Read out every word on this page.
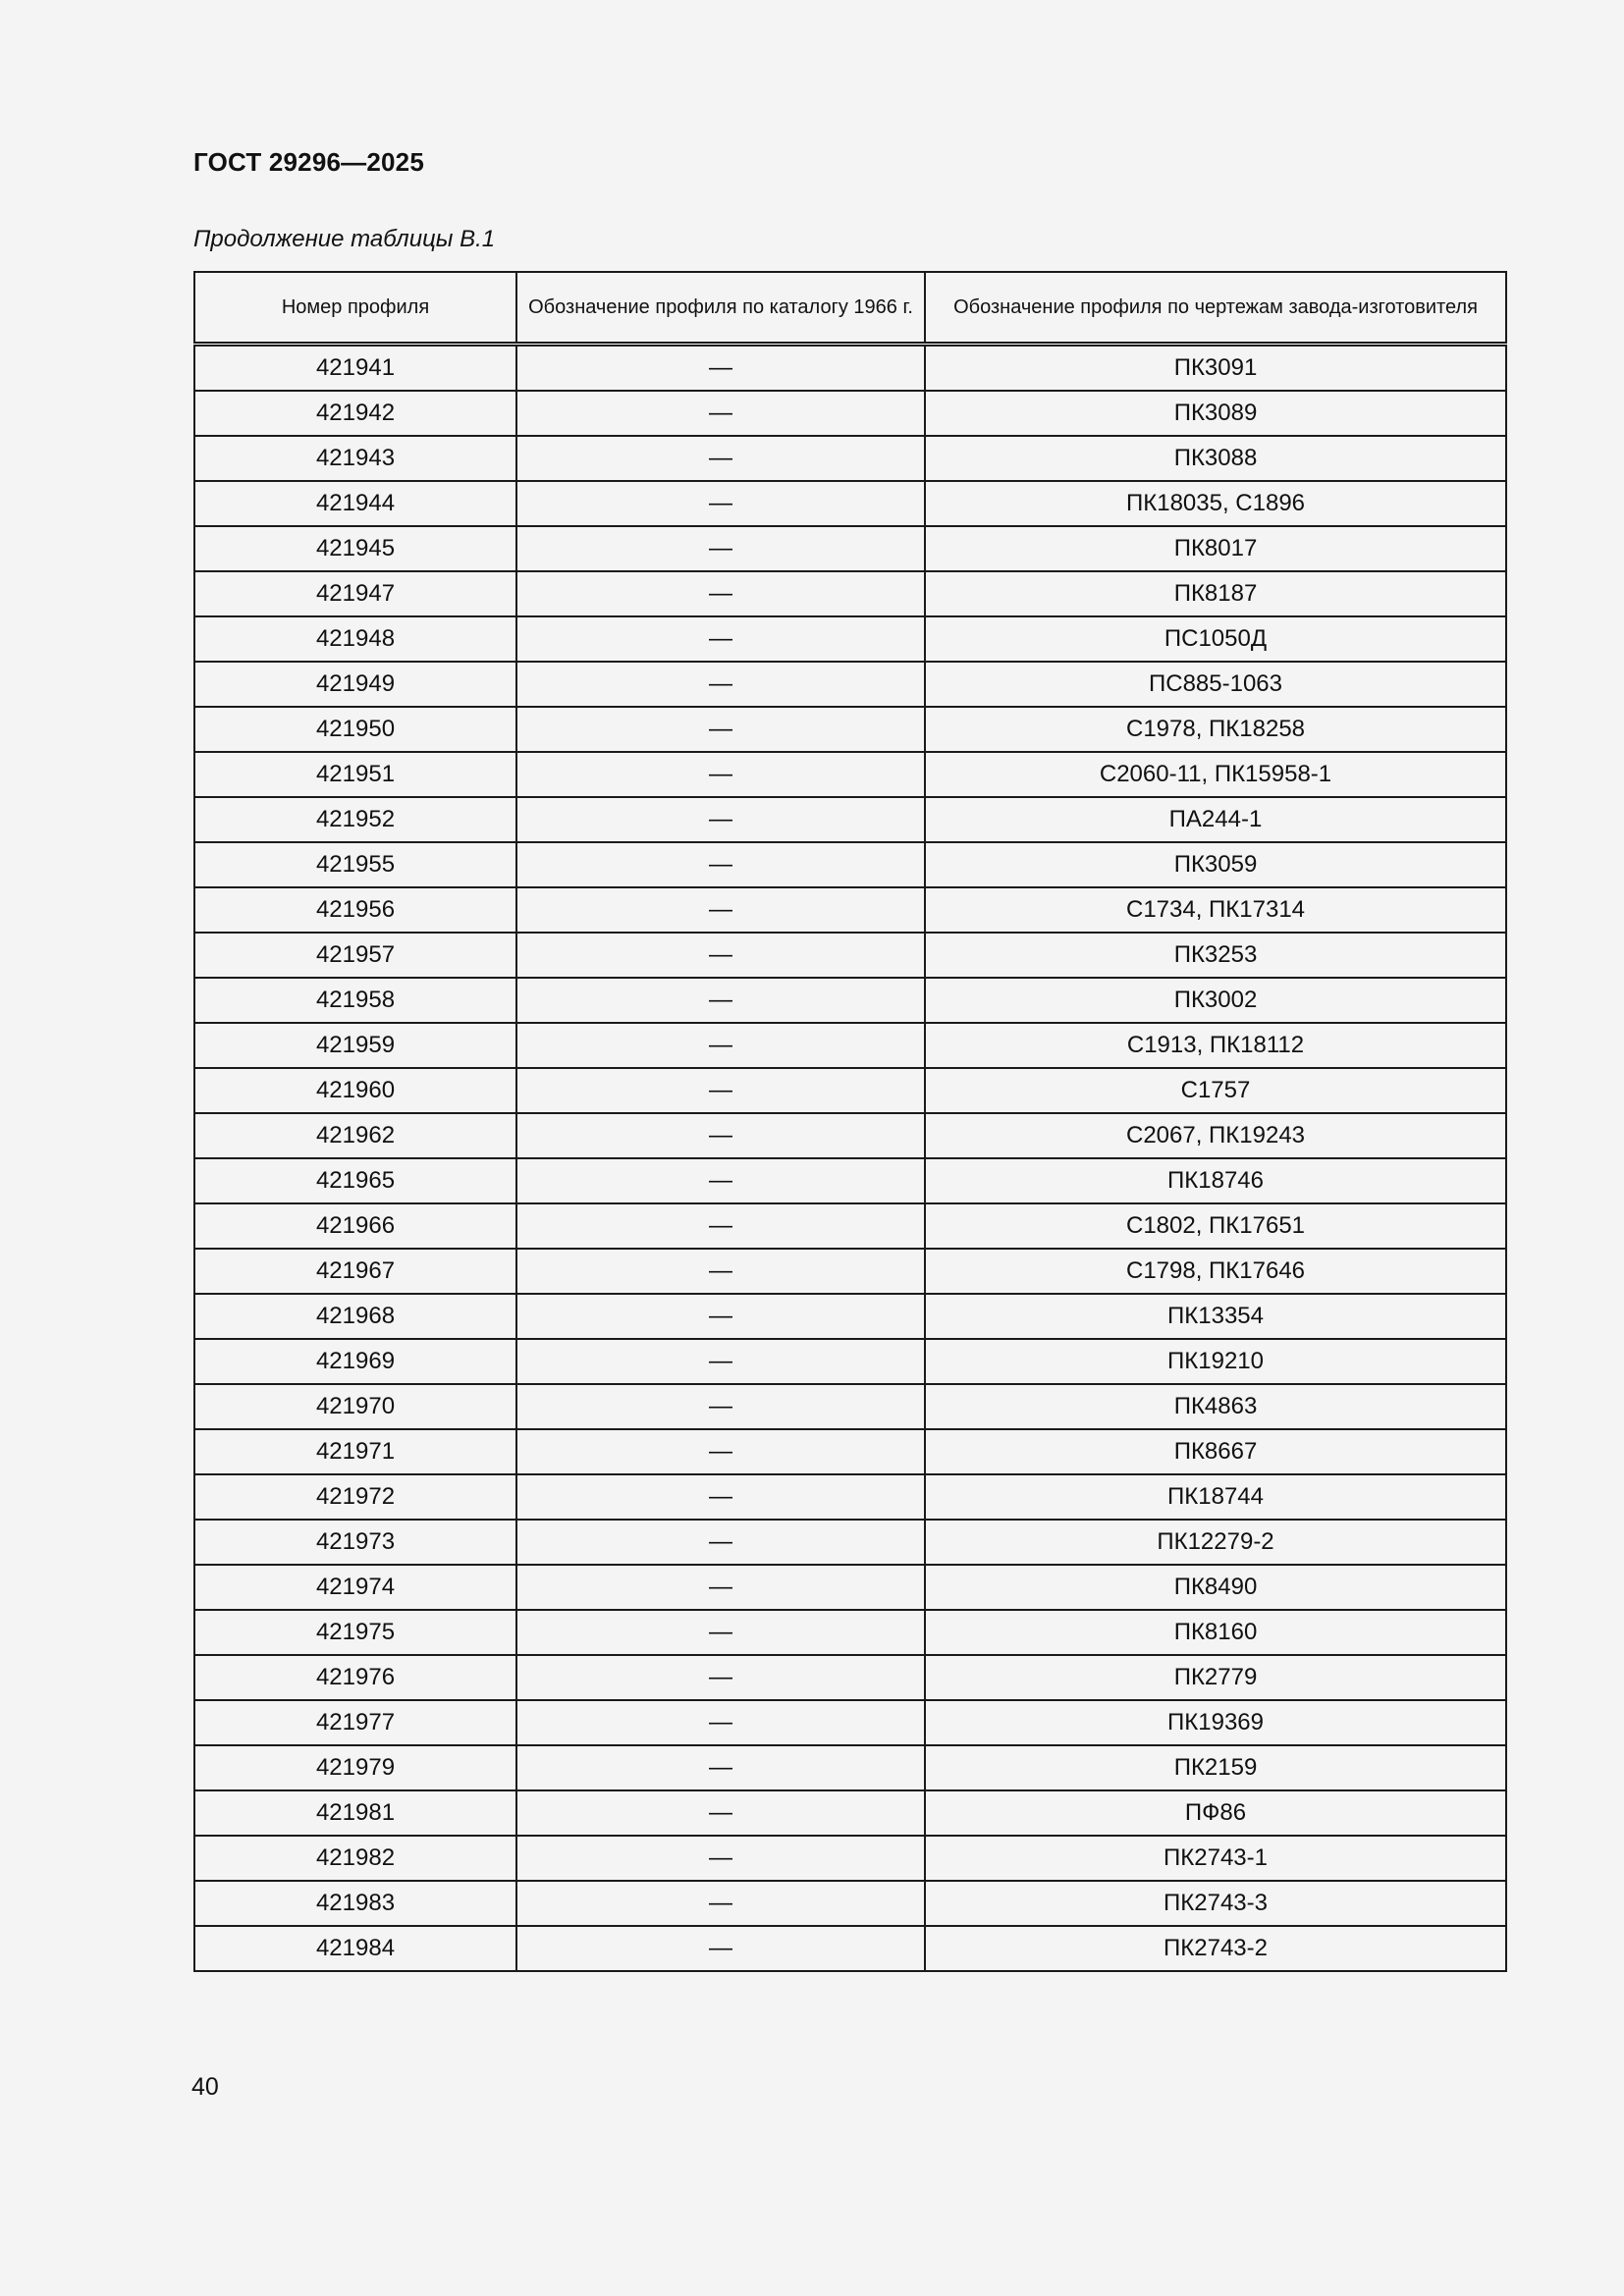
ГОСТ 29296—2025
Продолжение таблицы В.1
Номер профиля	Обозначение профиля по каталогу 1966 г.	Обозначение профиля по чертежам завода-изготовителя
421941	—	ПК3091
421942	—	ПК3089
421943	—	ПК3088
421944	—	ПК18035, С1896
421945	—	ПК8017
421947	—	ПК8187
421948	—	ПС1050Д
421949	—	ПС885-1063
421950	—	С1978, ПК18258
421951	—	С2060-11, ПК15958-1
421952	—	ПА244-1
421955	—	ПК3059
421956	—	С1734, ПК17314
421957	—	ПК3253
421958	—	ПК3002
421959	—	С1913, ПК18112
421960	—	С1757
421962	—	С2067, ПК19243
421965	—	ПК18746
421966	—	С1802, ПК17651
421967	—	С1798, ПК17646
421968	—	ПК13354
421969	—	ПК19210
421970	—	ПК4863
421971	—	ПК8667
421972	—	ПК18744
421973	—	ПК12279-2
421974	—	ПК8490
421975	—	ПК8160
421976	—	ПК2779
421977	—	ПК19369
421979	—	ПК2159
421981	—	ПФ86
421982	—	ПК2743-1
421983	—	ПК2743-3
421984	—	ПК2743-2
40
